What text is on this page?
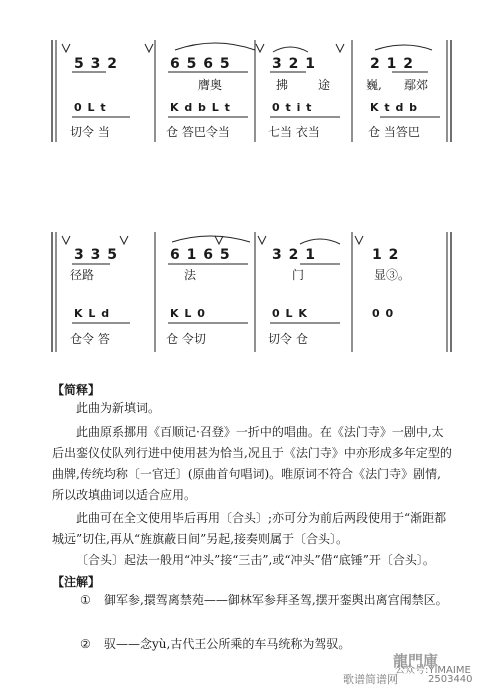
5 3 2	6 5 6 5	3 2 1	2 1 2
膺奥	拂 途	巍, 鄢郊
0 L t	K d b L t	0 t i t	K t d b
切令 当	仓 答巴令当	七当 衣当	仓 当答巴
3 3 5	6 1 6 5	3 2 1	1 2
径路	法	门	显③。
K L d	K L 0	0 L K	0 0
仓令 答	仓 令切	切令 仓
【简释】
此曲为新填词。
此曲原系挪用《百顺记·召登》一折中的唱曲。在《法门寺》一剧中,太后出銮仪仗队列行进中使用甚为恰当,况且于《法门寺》中亦形成多年定型的曲牌,传统均称〔一官迁〕(原曲首句唱词)。唯原词不符合《法门寺》剧情,所以改填曲词以适合应用。
此曲可在全文使用毕后再用〔合头〕;亦可分为前后两段使用于“渐距都城远”切住,再从“旌旗蔽日间”另起,接奏则属于〔合头〕。
〔合头〕起法一般用“冲头”接“三击”,或“冲头”借“底锤”开〔合头〕。
【注解】
① 御军参,擐驾离禁苑——御林军参拜圣驾,摆开銮舆出离宫闱禁区。
② 驭——念yù,古代王公所乘的车马统称为驾驭。
龍門庫
歌谱简谱网
公众号:YIMAIME
2503440
